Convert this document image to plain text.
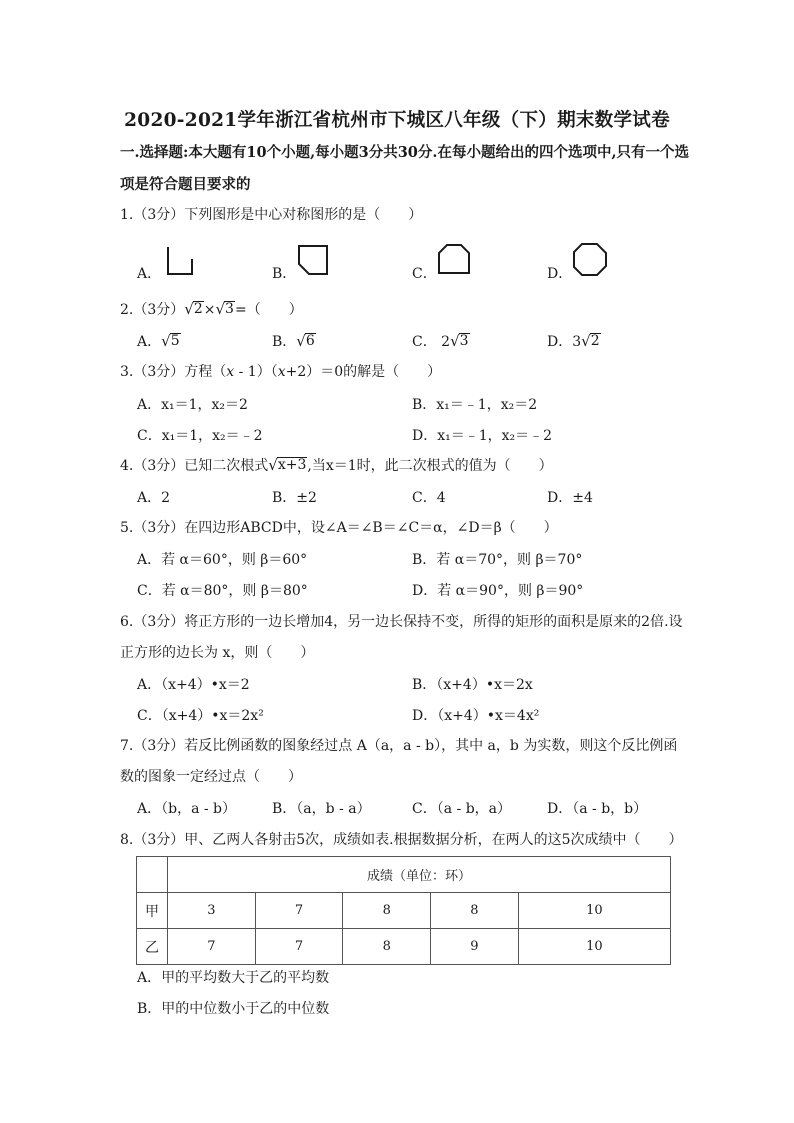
2020-2021学年浙江省杭州市下城区八年级（下）期末数学试卷
一.选择题:本大题有10个小题,每小题3分共30分.在每小题给出的四个选项中,只有一个选
项是符合题目要求的
1.（3分）下列图形是中心对称图形的是（　　）
A．	B．	C．	D．
2.（3分） √ 2 × √ 3 =（　　）
A． √ 5	B． √ 6	C． 2 √ 3	D．3 √ 2
3.（3分）方程（x - 1）（x+2）＝0的解是（　　）
A．x₁＝1，x₂＝2	B．x₁＝﹣1，x₂＝2
C．x₁＝1，x₂＝﹣2	D．x₁＝﹣1，x₂＝﹣2
4.（3分）已知二次根式 √ x+3 ,当x＝1时，此二次根式的值为（　　）
A．2	B．±2	C．4	D．±4
5.（3分）在四边形ABCD中，设∠A＝∠B＝∠C＝α，∠D＝β（　　）
A．若 α＝60°，则 β＝60°	B．若 α＝70°，则 β＝70°
C．若 α＝80°，则 β＝80°	D．若 α＝90°，则 β＝90°
6.（3分）将正方形的一边长增加4，另一边长保持不变，所得的矩形的面积是原来的2倍.设
正方形的边长为 x，则（　　）
A．（x+4）•x＝2	B．（x+4）•x＝2x
C．（x+4）•x＝2x²	D．（x+4）•x＝4x²
7.（3分）若反比例函数的图象经过点 A（a，a - b），其中 a，b 为实数，则这个反比例函
数的图象一定经过点（　　）
A．（b，a - b）	B．（a，b - a）	C．（a - b，a）	D．（a - b，b）
8.（3分）甲、乙两人各射击5次，成绩如表.根据数据分析，在两人的这5次成绩中（　　）
	成绩（单位：环）				
甲	3	7	8	8	10
乙	7	7	8	9	10
A．甲的平均数大于乙的平均数
B．甲的中位数小于乙的中位数
